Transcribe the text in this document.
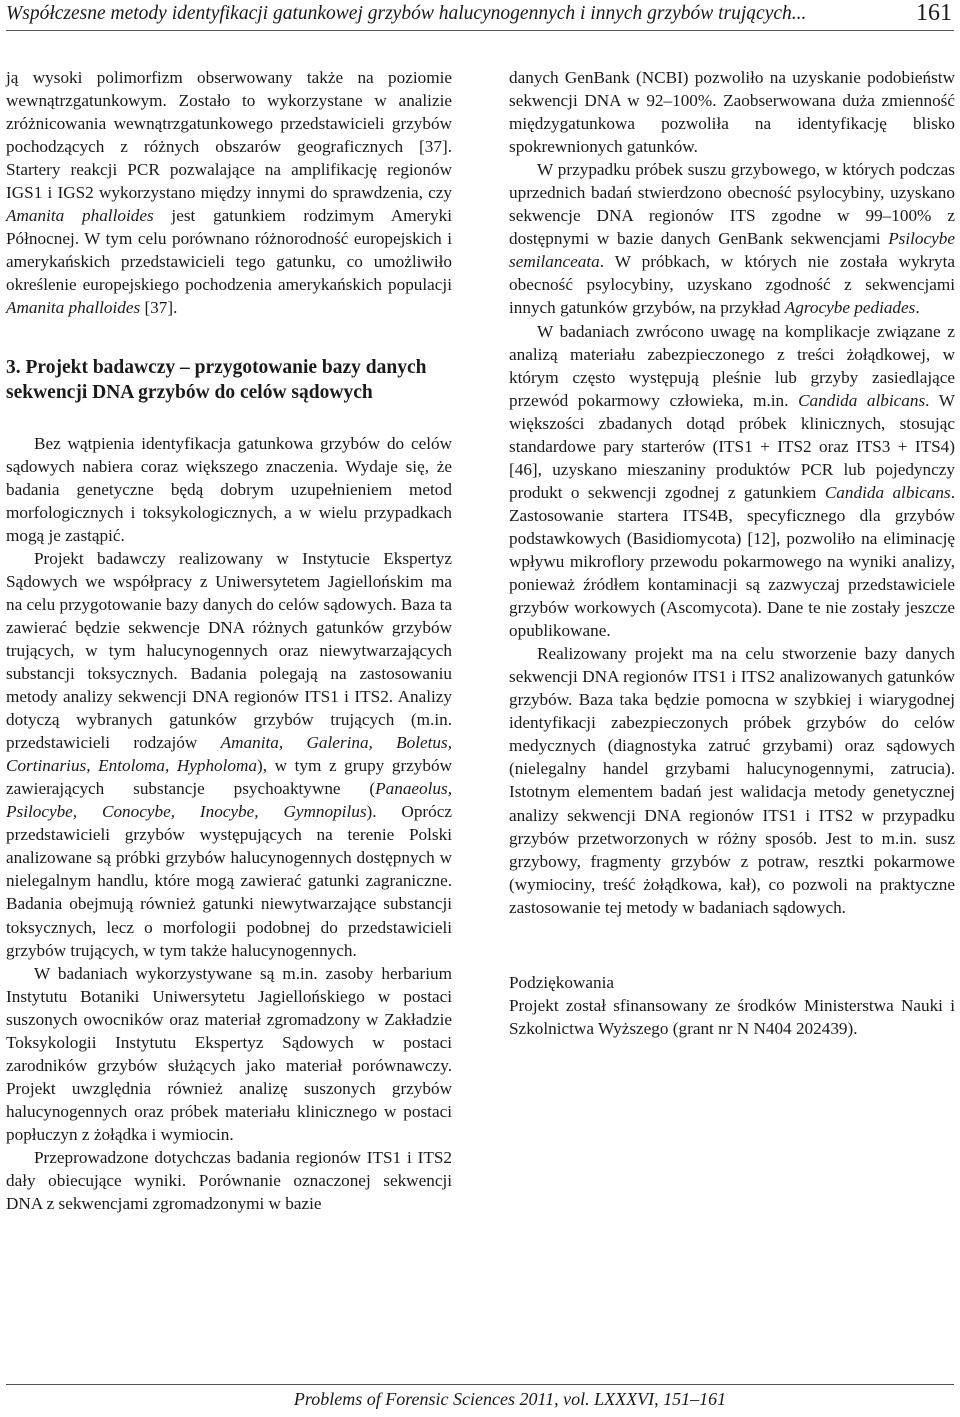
Współczesne metody identyfikacji gatunkowej grzybów halucynogennych i innych grzybów trujących...	161

ją wysoki polimorfizm obserwowany także na poziomie wewnątrzgatunkowym. Zostało to wykorzystane w analizie zróżnicowania wewnątrzgatunkowego przedstawicieli grzybów pochodzących z różnych obszarów geograficznych [37]. Startery reakcji PCR pozwalające na amplifikację regionów IGS1 i IGS2 wykorzystano między innymi do sprawdzenia, czy Amanita phalloides jest gatunkiem rodzimym Ameryki Północnej. W tym celu porównano różnorodność europejskich i amerykańskich przedstawicieli tego gatunku, co umożliwiło określenie europejskiego pochodzenia amerykańskich populacji Amanita phalloides [37].

3. Projekt badawczy – przygotowanie bazy danych sekwencji DNA grzybów do celów sądowych

Bez wątpienia identyfikacja gatunkowa grzybów do celów sądowych nabiera coraz większego znaczenia. Wydaje się, że badania genetyczne będą dobrym uzupełnieniem metod morfologicznych i toksykologicznych, a w wielu przypadkach mogą je zastąpić.

Projekt badawczy realizowany w Instytucie Ekspertyz Sądowych we współpracy z Uniwersytetem Jagiellońskim ma na celu przygotowanie bazy danych do celów sądowych. Baza ta zawierać będzie sekwencje DNA różnych gatunków grzybów trujących, w tym halucynogennych oraz niewytwarzających substancji toksycznych. Badania polegają na zastosowaniu metody analizy sekwencji DNA regionów ITS1 i ITS2. Analizy dotyczą wybranych gatunków grzybów trujących (m.in. przedstawicieli rodzajów Amanita, Galerina, Boletus, Cortinarius, Entoloma, Hypholoma), w tym z grupy grzybów zawierających substancje psychoaktywne (Panaeolus, Psilocybe, Conocybe, Inocybe, Gymnopilus). Oprócz przedstawicieli grzybów występujących na terenie Polski analizowane są próbki grzybów halucynogennych dostępnych w nielegalnym handlu, które mogą zawierać gatunki zagraniczne. Badania obejmują również gatunki niewytwarzające substancji toksycznych, lecz o morfologii podobnej do przedstawicieli grzybów trujących, w tym także halucynogennych.

W badaniach wykorzystywane są m.in. zasoby herbarium Instytutu Botaniki Uniwersytetu Jagiellońskiego w postaci suszonych owocników oraz materiał zgromadzony w Zakładzie Toksykologii Instytutu Ekspertyz Sądowych w postaci zarodników grzybów służących jako materiał porównawczy. Projekt uwzględnia również analizę suszonych grzybów halucynogennych oraz próbek materiału klinicznego w postaci popłuczyn z żołądka i wymiocin.

Przeprowadzone dotychczas badania regionów ITS1 i ITS2 dały obiecujące wyniki. Porównanie oznaczonej sekwencji DNA z sekwencjami zgromadzonymi w bazie

danych GenBank (NCBI) pozwoliło na uzyskanie podobieństw sekwencji DNA w 92–100%. Zaobserwowana duża zmienność międzygatunkowa pozwoliła na identyfikację blisko spokrewnionych gatunków.

W przypadku próbek suszu grzybowego, w których podczas uprzednich badań stwierdzono obecność psylocybiny, uzyskano sekwencje DNA regionów ITS zgodne w 99–100% z dostępnymi w bazie danych GenBank sekwencjami Psilocybe semilanceata. W próbkach, w których nie została wykryta obecność psylocybiny, uzyskano zgodność z sekwencjami innych gatunków grzybów, na przykład Agrocybe pediades.

W badaniach zwrócono uwagę na komplikacje związane z analizą materiału zabezpieczonego z treści żołądkowej, w którym często występują pleśnie lub grzyby zasiedlające przewód pokarmowy człowieka, m.in. Candida albicans. W większości zbadanych dotąd próbek klinicznych, stosując standardowe pary starterów (ITS1 + ITS2 oraz ITS3 + ITS4) [46], uzyskano mieszaniny produktów PCR lub pojedynczy produkt o sekwencji zgodnej z gatunkiem Candida albicans. Zastosowanie startera ITS4B, specyficznego dla grzybów podstawkowych (Basidiomycota) [12], pozwoliło na eliminację wpływu mikroflory przewodu pokarmowego na wyniki analizy, ponieważ źródłem kontaminacji są zazwyczaj przedstawiciele grzybów workowych (Ascomycota). Dane te nie zostały jeszcze opublikowane.

Realizowany projekt ma na celu stworzenie bazy danych sekwencji DNA regionów ITS1 i ITS2 analizowanych gatunków grzybów. Baza taka będzie pomocna w szybkiej i wiarygodnej identyfikacji zabezpieczonych próbek grzybów do celów medycznych (diagnostyka zatruć grzybami) oraz sądowych (nielegalny handel grzybami halucynogennymi, zatrucia). Istotnym elementem badań jest walidacja metody genetycznej analizy sekwencji DNA regionów ITS1 i ITS2 w przypadku grzybów przetworzonych w różny sposób. Jest to m.in. susz grzybowy, fragmenty grzybów z potraw, resztki pokarmowe (wymiociny, treść żołądkowa, kał), co pozwoli na praktyczne zastosowanie tej metody w badaniach sądowych.

Podziękowania

Projekt został sfinansowany ze środków Ministerstwa Nauki i Szkolnictwa Wyższego (grant nr N N404 202439).

Problems of Forensic Sciences 2011, vol. LXXXVI, 151–161
